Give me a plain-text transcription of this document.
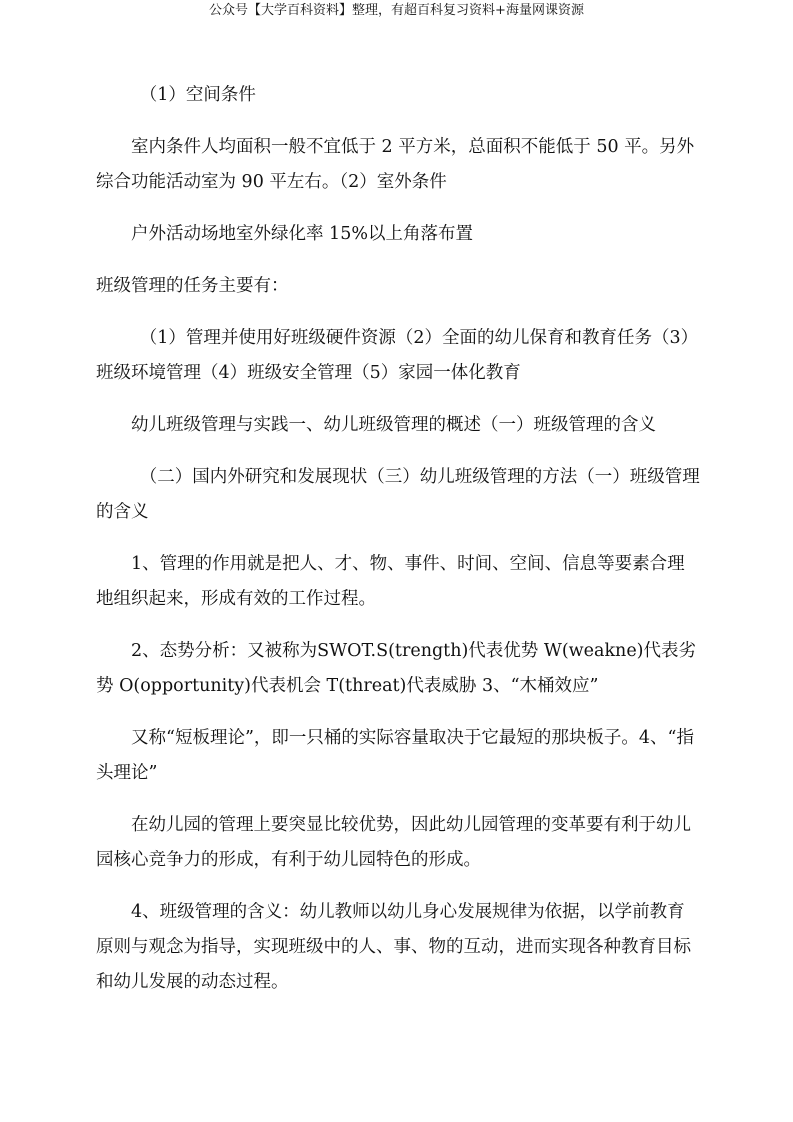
公众号【大学百科资料】整理，有超百科复习资料+海量网课资源

（1）空间条件

室内条件人均面积一般不宜低于 2 平方米，总面积不能低于 50 平。另外综合功能活动室为 90 平左右。（2）室外条件

户外活动场地室外绿化率 15%以上角落布置

班级管理的任务主要有：

（1）管理并使用好班级硬件资源（2）全面的幼儿保育和教育任务（3）班级环境管理（4）班级安全管理（5）家园一体化教育

幼儿班级管理与实践一、幼儿班级管理的概述（一）班级管理的含义

（二）国内外研究和发展现状（三）幼儿班级管理的方法（一）班级管理的含义

1、管理的作用就是把人、才、物、事件、时间、空间、信息等要素合理地组织起来，形成有效的工作过程。

2、态势分析：又被称为SWOT.S(trength)代表优势 W(weakne)代表劣势 O(opportunity)代表机会 T(threat)代表威胁 3、“木桶效应”

又称“短板理论”，即一只桶的实际容量取决于它最短的那块板子。4、“指头理论”

在幼儿园的管理上要突显比较优势，因此幼儿园管理的变革要有利于幼儿园核心竞争力的形成，有利于幼儿园特色的形成。

4、班级管理的含义：幼儿教师以幼儿身心发展规律为依据，以学前教育原则与观念为指导，实现班级中的人、事、物的互动，进而实现各种教育目标和幼儿发展的动态过程。
